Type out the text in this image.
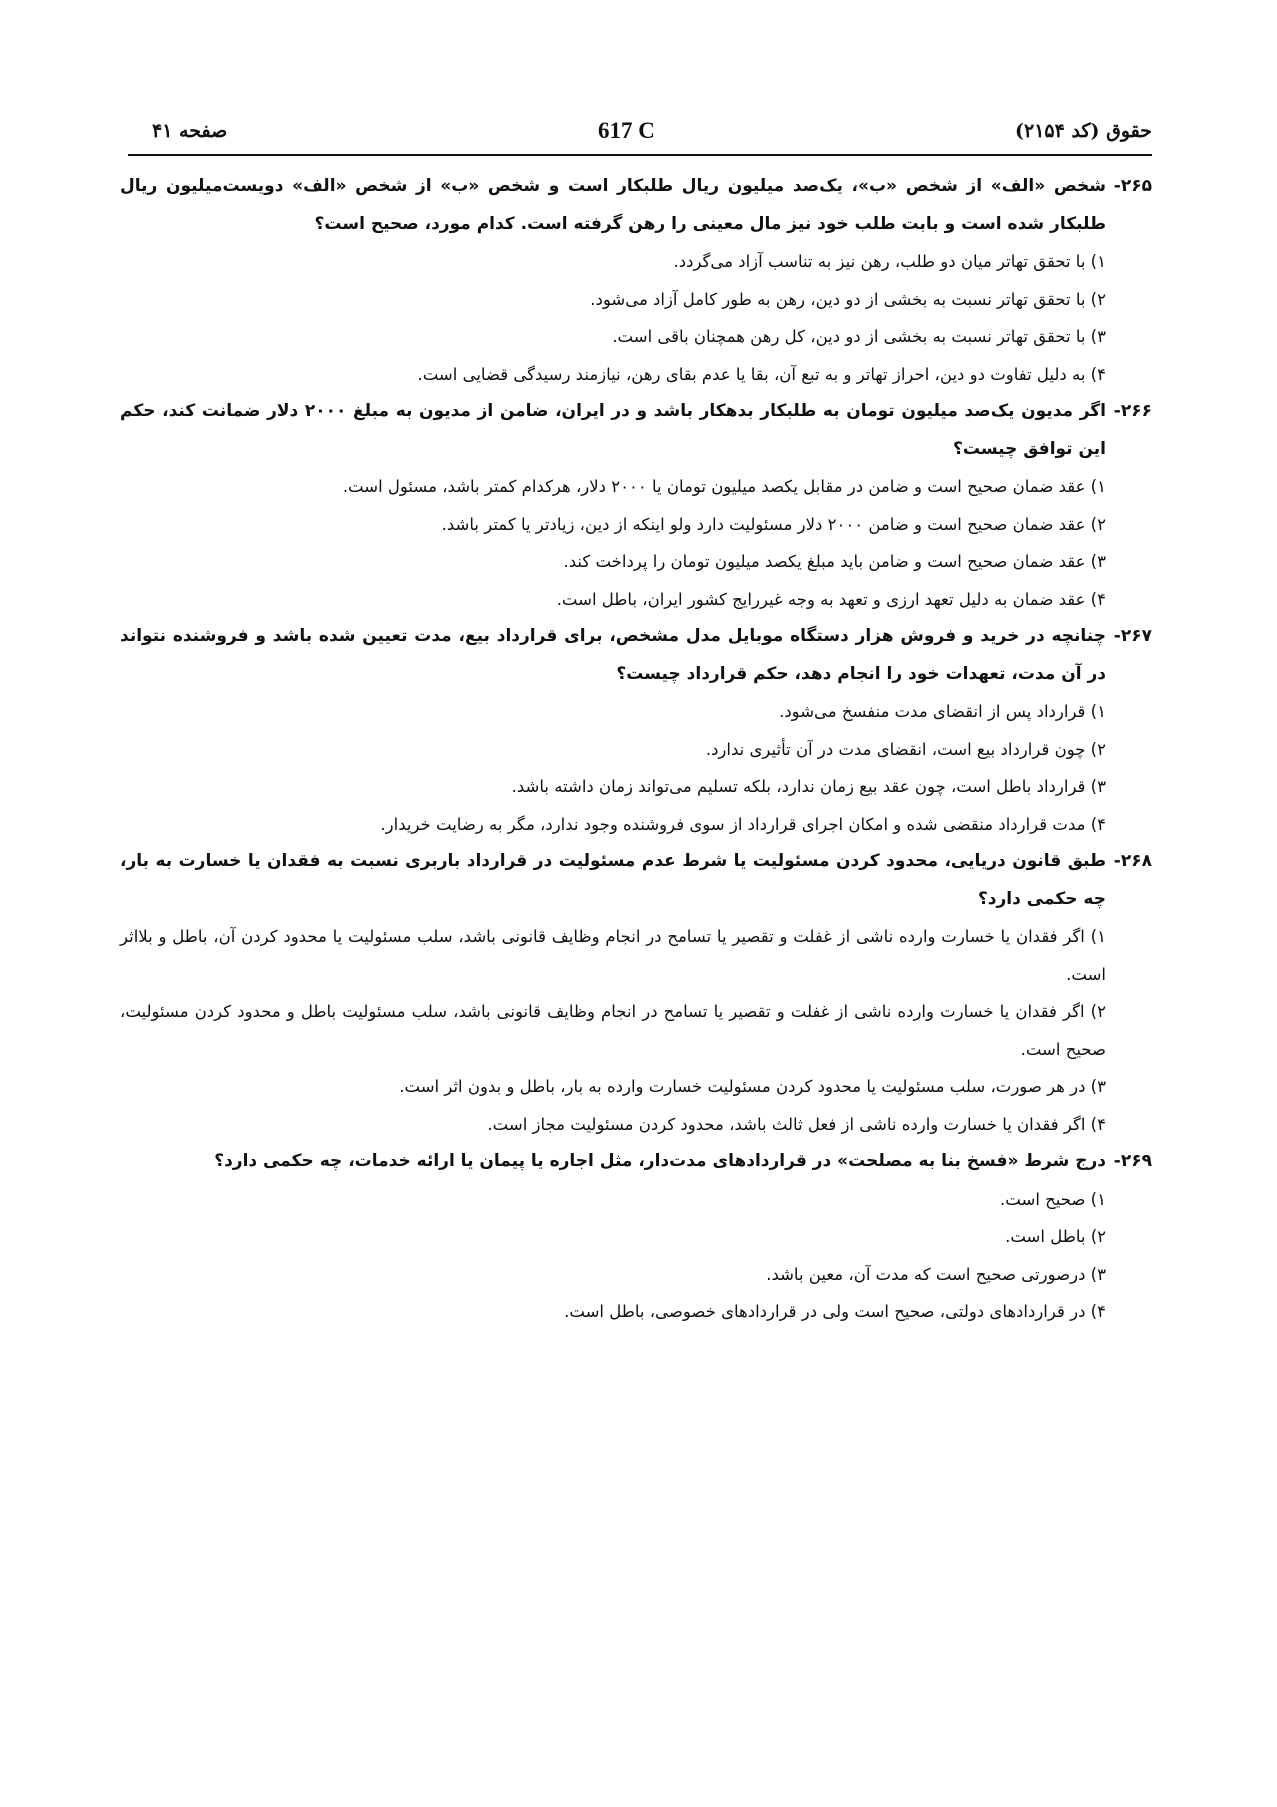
صفحه ۴۱	617 C	حقوق (کد ۲۱۵۴)
۲۶۵-
شخص «الف» از شخص «ب»، یک‌صد میلیون ریال طلبکار است و شخص «ب» از شخص «الف» دویست‌میلیون ریال طلبکار شده است و بابت طلب خود نیز مال معینی را رهن گرفته است. کدام مورد، صحیح است؟
۱) با تحقق تهاتر میان دو طلب، رهن نیز به تناسب آزاد می‌گردد.
۲) با تحقق تهاتر نسبت به بخشی از دو دین، رهن به طور کامل آزاد می‌شود.
۳) با تحقق تهاتر نسبت به بخشی از دو دین، کل رهن همچنان باقی است.
۴) به دلیل تفاوت دو دین، احراز تهاتر و به تبع آن، بقا یا عدم بقای رهن، نیازمند رسیدگی قضایی است.
۲۶۶-
اگر مدیون یک‌صد میلیون تومان به طلبکار بدهکار باشد و در ایران، ضامن از مدیون به مبلغ ۲۰۰۰ دلار ضمانت کند، حکم این توافق چیست؟
۱) عقد ضمان صحیح است و ضامن در مقابل یکصد میلیون تومان یا ۲۰۰۰ دلار، هرکدام کمتر باشد، مسئول است.
۲) عقد ضمان صحیح است و ضامن ۲۰۰۰ دلار مسئولیت دارد ولو اینکه از دین، زیادتر یا کمتر باشد.
۳) عقد ضمان صحیح است و ضامن باید مبلغ یکصد میلیون تومان را پرداخت کند.
۴) عقد ضمان به دلیل تعهد ارزی و تعهد به وجه غیررایج کشور ایران، باطل است.
۲۶۷-
چنانچه در خرید و فروش هزار دستگاه موبایل مدل مشخص، برای قرارداد بیع، مدت تعیین شده باشد و فروشنده نتواند در آن مدت، تعهدات خود را انجام دهد، حکم قرارداد چیست؟
۱) قرارداد پس از انقضای مدت منفسخ می‌شود.
۲) چون قرارداد بیع است، انقضای مدت در آن تأثیری ندارد.
۳) قرارداد باطل است، چون عقد بیع زمان ندارد، بلکه تسلیم می‌تواند زمان داشته باشد.
۴) مدت قرارداد منقضی شده و امکان اجرای قرارداد از سوی فروشنده وجود ندارد، مگر به رضایت خریدار.
۲۶۸-
طبق قانون دریایی، محدود کردن مسئولیت یا شرط عدم مسئولیت در قرارداد باربری نسبت به فقدان یا خسارت به بار، چه حکمی دارد؟
۱) اگر فقدان یا خسارت وارده ناشی از غفلت و تقصیر یا تسامح در انجام وظایف قانونی باشد، سلب مسئولیت یا محدود کردن آن، باطل و بلااثر است.
۲) اگر فقدان یا خسارت وارده ناشی از غفلت و تقصیر یا تسامح در انجام وظایف قانونی باشد، سلب مسئولیت باطل و محدود کردن مسئولیت، صحیح است.
۳) در هر صورت، سلب مسئولیت یا محدود کردن مسئولیت خسارت وارده به بار، باطل و بدون اثر است.
۴) اگر فقدان یا خسارت وارده ناشی از فعل ثالث باشد، محدود کردن مسئولیت مجاز است.
۲۶۹-
درج شرط «فسخ بنا به مصلحت» در قراردادهای مدت‌دار، مثل اجاره یا پیمان یا ارائه خدمات، چه حکمی دارد؟
۱) صحیح است.
۲) باطل است.
۳) درصورتی صحیح است که مدت آن، معین باشد.
۴) در قراردادهای دولتی، صحیح است ولی در قراردادهای خصوصی، باطل است.
